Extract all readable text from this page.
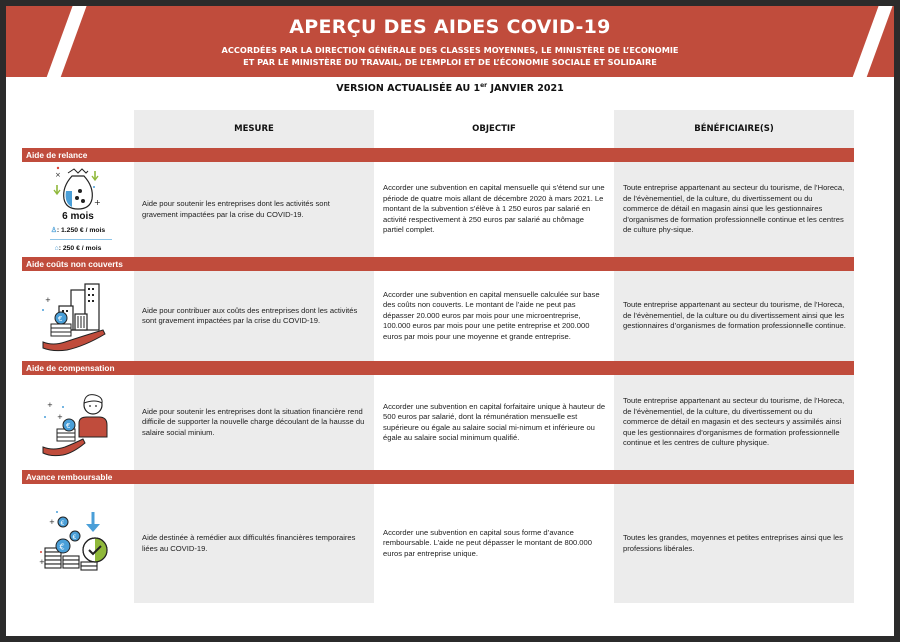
APERÇU DES AIDES COVID-19
ACCORDÉES PAR LA DIRECTION GÉNÉRALE DES CLASSES MOYENNES, LE MINISTÈRE DE L’ECONOMIE
ET PAR LE MINISTÈRE DU TRAVAIL, DE L’EMPLOI ET DE L’ÉCONOMIE SOCIALE ET SOLIDAIRE
VERSION ACTUALISÉE AU 1er JANVIER 2021
MESURE	OBJECTIF	BÉNÉFICIAIRE(S)
Aide de relance
×
+
6 mois
♙: 1.250 € / mois
⌂: 250 € / mois
Aide pour soutenir les entreprises dont les activités sont gravement impactées par la crise du COVID-19.
Accorder une subvention en capital mensuelle qui s’étend sur une période de quatre mois allant de décembre 2020 à mars 2021. Le montant de la subvention s’élève à 1 250 euros par salarié en activité respectivement à 250 euros par salarié au chômage partiel complet.
Toute entreprise appartenant au secteur du tourisme, de l’Horeca, de l’évènementiel, de la culture, du divertissement ou du commerce de détail en magasin ainsi que les gestionnaires d’organismes de formation professionnelle continue et les centres de culture phy-sique.
Aide coûts non couverts
+
€
Aide pour contribuer aux coûts des entreprises dont les activités sont gravement impactées par la crise du COVID-19.
Accorder une subvention en capital mensuelle calculée sur base des coûts non couverts. Le montant de l’aide ne peut pas dépasser 20.000 euros par mois pour une microentreprise, 100.000 euros par mois pour une petite entreprise et 200.000 euros par mois pour une moyenne et grande entreprise.
Toute entreprise appartenant au secteur du tourisme, de l’Horeca, de l’évènementiel, de la culture ou du divertissement ainsi que les gestionnaires d’organismes de formation professionnelle continue.
Aide de compensation
+
+
€
Aide pour soutenir les entreprises dont la situation financière rend difficile de supporter la nouvelle charge découlant de la hausse du salaire social minium.
Accorder une subvention en capital forfaitaire unique à hauteur de 500 euros par salarié, dont la rémunération mensuelle est supérieure ou égale au salaire social mi-nimum et inférieure ou égale au salaire social minimum qualifié.
Toute entreprise appartenant au secteur du tourisme, de l’Horeca, de l’évènementiel, de la culture, du divertissement ou du commerce de détail en magasin et des secteurs y assimilés ainsi que les gestionnaires d’organismes de formation professionnelle continue et les centres de culture physique.
Avance remboursable
+ €
€
€
+
Aide destinée à remédier aux difficultés financières temporaires liées au COVID-19.
Accorder une subvention en capital sous forme d’avance remboursable. L’aide ne peut dépasser le montant de 800.000 euros par entreprise unique.
Toutes les grandes, moyennes et petites entreprises ainsi que les professions libérales.
